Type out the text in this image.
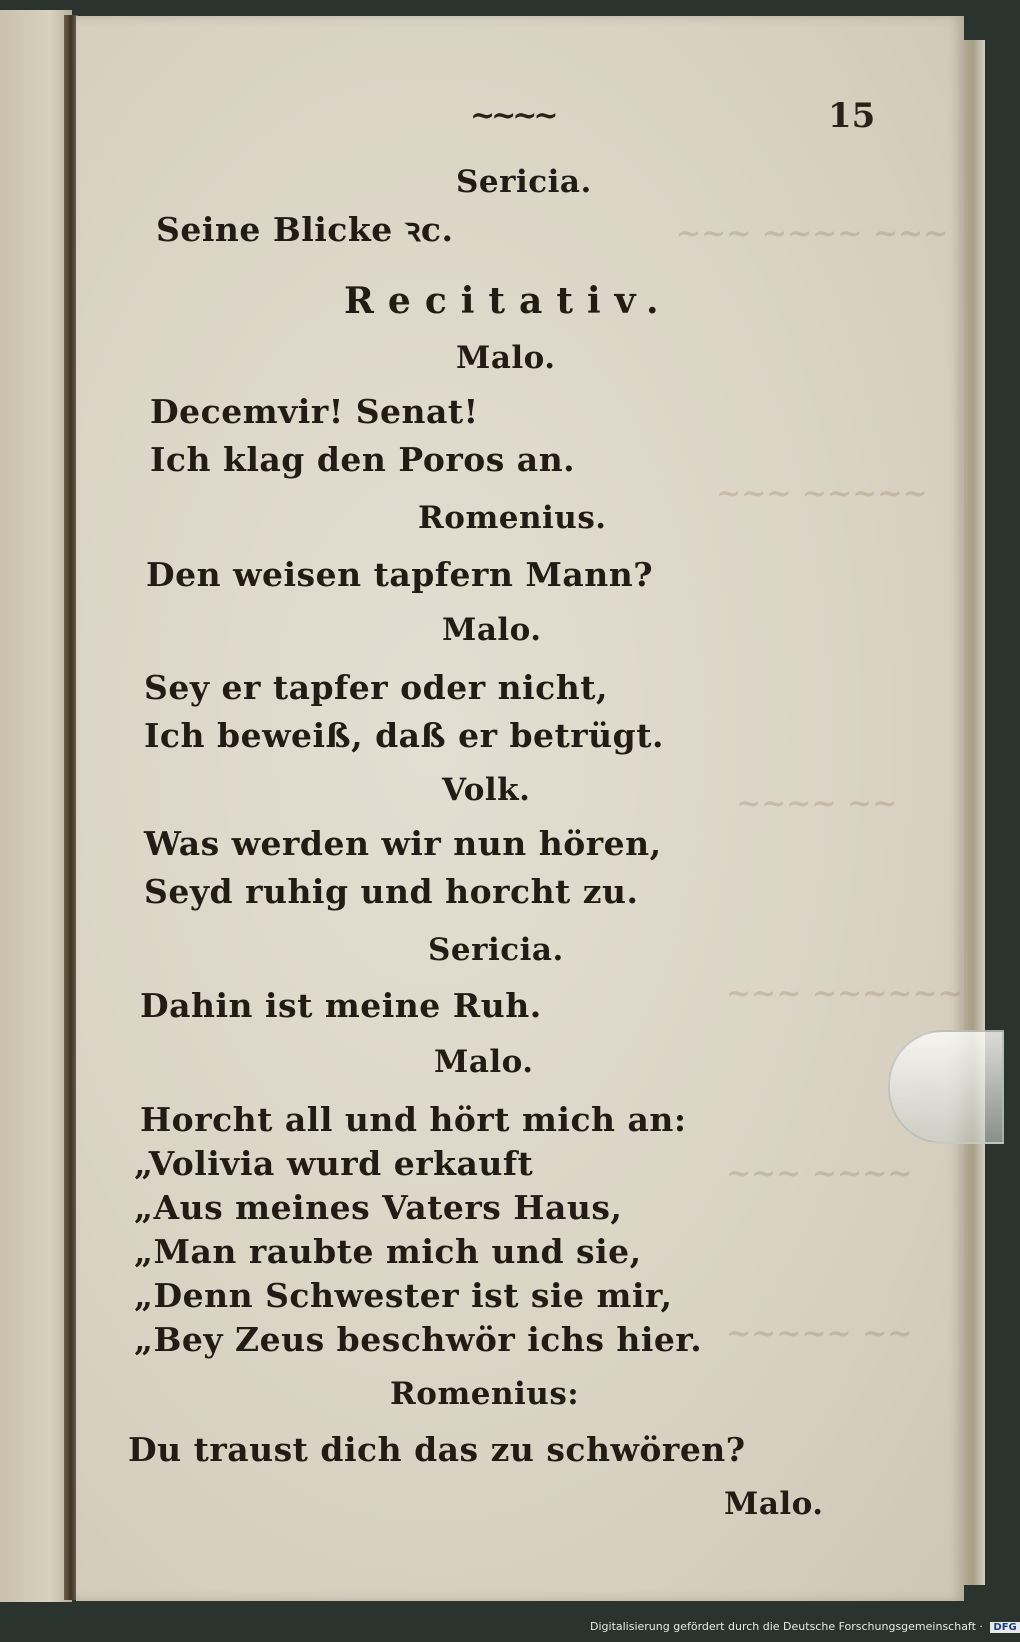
~~~ ~~~~ ~~~
~~~ ~~~~~
~~~~ ~~
~~~ ~~~~~~
~~~ ~~~~
~~~~~ ~~
~~~~	15
Sericia.
Seine Blicke ꝛc.
Recitativ.
Malo.
Decemvir! Senat!
Ich klag den Poros an.
Romenius.
Den weisen tapfern Mann?
Malo.
Sey er tapfer oder nicht,
Ich beweiß, daß er betrügt.
Volk.
Was werden wir nun hören,
Seyd ruhig und horcht zu.
Sericia.
Dahin ist meine Ruh.
Malo.
Horcht all und hört mich an:
„Volivia wurd erkauft
„Aus meines Vaters Haus,
„Man raubte mich und sie,
„Denn Schwester ist sie mir,
„Bey Zeus beschwör ichs hier.
Romenius:
Du traust dich das zu schwören?
Malo.
Digitalisierung gefördert durch die Deutsche Forschungsgemeinschaft · DFG
